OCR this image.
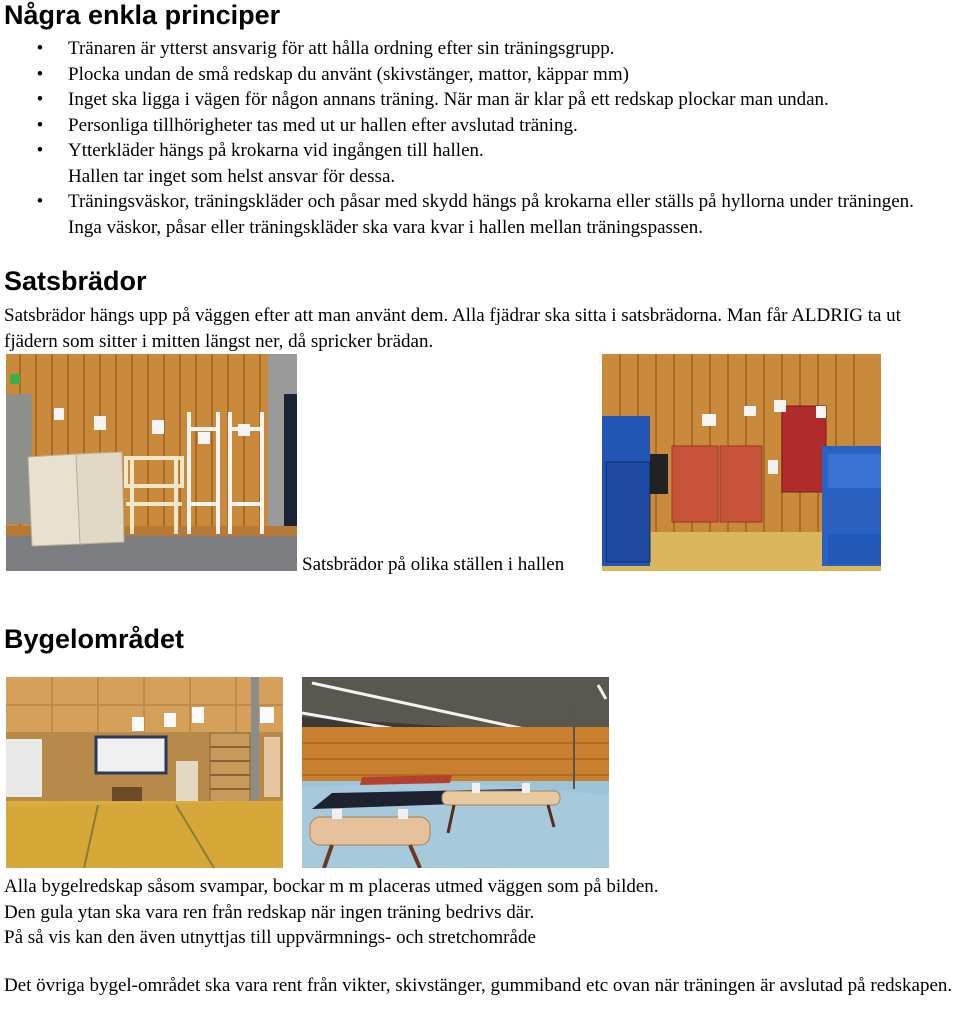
Några enkla principer
• Tränaren är ytterst ansvarig för att hålla ordning efter sin träningsgrupp.
• Plocka undan de små redskap du använt (skivstänger, mattor, käppar mm)
• Inget ska ligga i vägen för någon annans träning. När man är klar på ett redskap plockar man undan.
• Personliga tillhörigheter tas med ut ur hallen efter avslutad träning.
• Ytterkläder hängs på krokarna vid ingången till hallen.
Hallen tar inget som helst ansvar för dessa.
• Träningsväskor, träningskläder och påsar med skydd hängs på krokarna eller ställs på hyllorna under träningen. Inga väskor, påsar eller träningskläder ska vara kvar i hallen mellan träningspassen.
Satsbrädor

Satsbrädor hängs upp på väggen efter att man använt dem. Alla fjädrar ska sitta i satsbrädorna. Man får ALDRIG ta ut fjädern som sitter i mitten längst ner, då spricker brädan.

Satsbrädor på olika ställen i hallen
Bygelområdet
Alla bygelredskap såsom svampar, bockar m m placeras utmed väggen som på bilden.
Den gula ytan ska vara ren från redskap när ingen träning bedrivs där.
På så vis kan den även utnyttjas till uppvärmnings- och stretchområde

Det övriga bygel-området ska vara rent från vikter, skivstänger, gummiband etc ovan när träningen är avslutad på redskapen.
